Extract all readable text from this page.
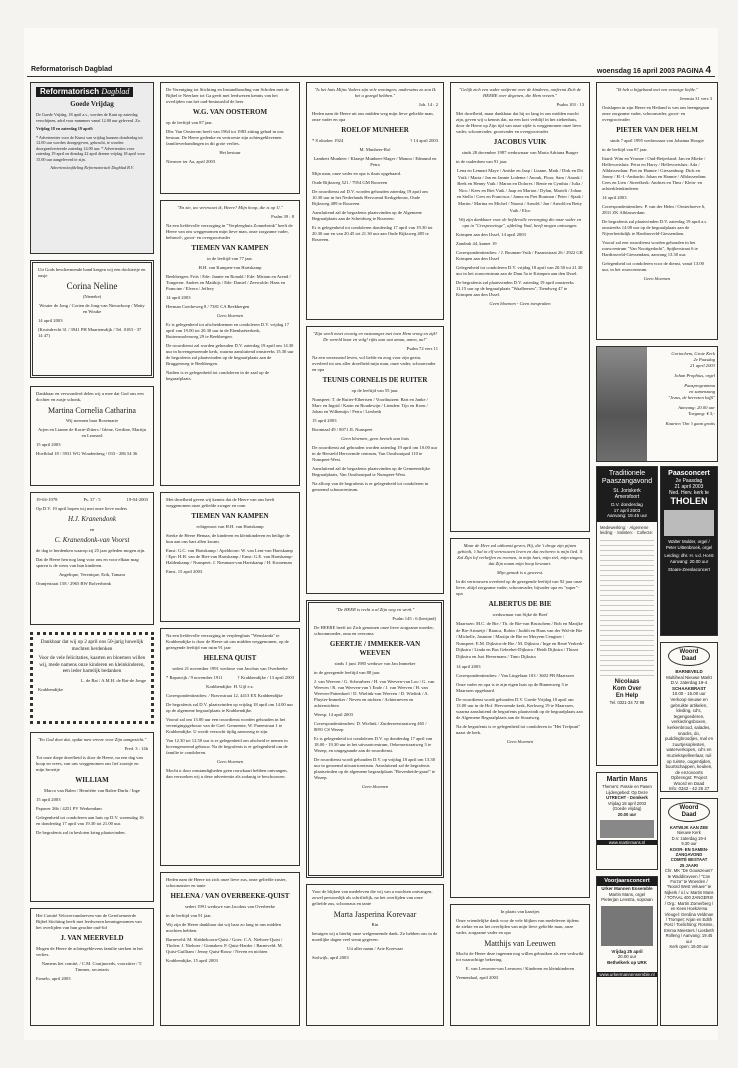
Reformatorisch Dagblad	woensdag 16 april 2003 PAGINA 4
Reformatorisch Dagblad
Goede Vrijdag

De Goede Vrijdag, 18 april a.s., worden de Kunt op zaterdag verschijnen, adrd voor nummers vanaf 12.00 uur geleverd. Zo.

Vrijdag 18 en zaterdag 19 april:

* Advertenties voor de Kunst van vrijdag kunnen donderdag tot 12.00 uur worden doorgegeven, gebracht, te worden doorgeadverteerde zaterdag 14.00 uur. * Advertenties voor zaterdag 19 april en dinsdag 22 april dienen vrijdag 18 april voor 15.00 uur aangeleverd te zijn.

Advertentieafdeling Reformatorisch Dagblad B.V.

Uit Gods beschermende hand kregen wij een dochtertje en zusje

Corina Neline

(Nieneke)

Wouter de Jong / Corien de Jong-van Nieuwkoop / Matty en Wouke

14 april 2003

(Kruisdrecht 31 / 3941 PH Maartensdijk / Tel. 0183 - 37 14 47)

Dankbaar en verwonderd delen wij u mee dat God ons een dochter en zusje schonk,

Martina Cornelia Catharina

Wij noemen haar Rosemarie

Arjen en Lianne de Korte-Zitters / Irlene, Gerdine, Martijn en Leonard

15 april 2003

Hoefblad 18 / 3931 WG Woudenberg / 033 - 286 54 36

19-04-1978	Ps. 37 : 5	19-04-2003

Op D.V. 19 april hopen wij met onze lieve ouders

H.J. Kranendonk

en

C. Kranendonk-van Voorst

de dag te herdenken waarop zij 25 jaar geleden mogen zijn.

Dat de Heere hen nog lang voor ons en voor elkaar mag sparen is de wens van hun kinderen.

Angelique, Verenique, Erik, Tamara

Oranjestraat 158 / 2965 BW Rolverbrink

Dankbaar dat wij op 2 april ons 50-jarig huwelijk mochten herdenken

Voor de vele felicitaties, kaarten en bloemen willen wij, mede namens onze kinderen en kleinkinderen, een ieder hartelijk bedanken

L. de Bat / A.M.H. de Bat-de Jonge

Krabbendijke

"En God doet dat, opdat men vreeze voor Zijn aangezicht."

Pred. 3 : 14b

Tot onze diepe droefheid is door de Heere, na een dag van hoop en vrees, van ons weggenomen ons lief zoontje en mijn broertje

WILLIAM

Marco van Balen / Henriëtte van Balen-Durlu / Inge

15 april 2003

Papaver 26b / 4251 PV Werkendam

Gelegenheid tot condoleren aan huis op D.V. woensdag 16 en donderdag 17 april van 19.30 tot 21.00 uur.

De begrafenis zal in besloten kring plaatsvinden.

Het Comité Velovervandaerven van de Gereformeerde Bijbel Stichting heeft met leedwezen kennisgenomen van het overlijden van hun geachte oud-lid

J. VAN MEERVELD

Mogen de Heere de achtergeblevens familie sterken in het verlies.

Namens het comité, / C.M. Couijnoreds, voorzitter / T. Timmer, secretaris

Ermelo, april 2003

De Vereniging tot Stichting en Instandhouding van Scholen met de Bijbel te Neerlaer tot Ga geeft met leedwezen kennis van het overlijden van het oud-bestuurslid de heer

W.G. VAN OOSTEROM

op de leeftijd van 87 jaar.

Dhr. Van Oosterom heeft van 1964 tot 1983 zitting gehad in ons bestuur. De Heere gedenke en vertroeste zijn achtergeblevenen familieverbandingen in dit grote verlies.

Het bestuur

Nieuwer ter Aa, april 2003

"En zie, uw vertrouwt ik, Heere? Mijn hoop, die is op U."

Psalm 39 : 8

Na een liefdevolle verzorging in "Verpleeghuis Zonnebrink" heeft de Heere van ons weggenomen mijn lieve man, onze zorgzame vader, behuwd-, groot- en overgrootvader

TIEMEN VAN KAMPEN

in de leeftijd van 77 jaar.

H.H. van Kampen-van Hartskamp

Beekbergen: Frits / Ede: Jannie en Ronald / Ede: Miriam en Arend / Tongeren: Andres en Matthijs / Ede: Daniel / Zeewolde: Hans en Francine / Elvera / Jeffrey

14 april 2003

Herman Coerbeweg 8 / 7381 CA Beekbergen

Geen bloemen

Er is gelegenheid tot afscheidnemen en condoleren D.V. vrijdag 17 april van 19.00 tot 20.30 uur in de Ebenhaëzerkerk, Ruitersmolenweg 29 te Beekbergen.

De rouwdienst zal worden gehouden D.V. zaterdag 19 april om 14.30 uur in bovengenoemde kerk, waarna aansluitend omstreeks 15.30 uur de begrafenis zal plaatsvinden op de begraafplaats aan de Bruggenweg te Beekbergen.

Nadien is er gelegenheid tot condoleren in de zaal op de begraafplaats.

Met droefheid geven wij kennis dat de Heere van ons heeft weggenomen onze geliefde zwager en oom

TIEMEN VAN KAMPEN

echtgenoot van H.H. van Hartskamp

Sterke de Heere Hemaa, de kinderen en kleinkinderen en heilige de hun aan ons hart allen kwam.

Emst: G.C. van Hartskamp / Apeldoorn: W. van Lent-van Hartskamp / Epe: H.H. van de Biet-van Hartskamp / Emst: G.E. van Hartskamp-Haldenkamp / Nunspeet: J. Nieuman-van Hartskamp / H. Kroneman

Emst, 15 april 2003

Na een liefdevolle verzorging in verpleeghuis "Wenslanda" te Krabbendijke is door de Heere uit ons midden weggenomen, op de gezegende leeftijd van ruim 91 jaar

HELENA QUIST

sedert 21 november 1991 weduwe van Jacobus van Overbeeke

* Rapawijk / 9 november 1911	† Krabbendijke / 13 april 2003

Krabbendijke: H. Uijl e.z.

Correspondentieadres: / Bravostraat 12, 4413 EX Krabbendijke

De begrafenis zal D.V. plaatsvinden op vrijdag 18 april om 14.00 uur op de algemene begraafplaats te Krabbendijke.

Vooraf zal om 13.00 uur een rouwdienst worden gehouden in het verenigingsgebouw van de Gref. Gemeente, W. Pareestraat 1 te Krabbendijke. U wordt verzocht tijdig aanwezig te zijn.

Van 12.30 tot 12.50 uur is er gelegenheid om afscheid te nemen in bovengenoemd gebouw. Na de begrafenis is er gelegenheid om de familie te condoleren.

Geen bloemen

Mocht u door omstandigheden geen rouwkaart hebben ontvangen, dan verzoeken wij u deze advertentie als zodanig te beschouwen.

Heden nam de Heere tot zich onze lieve zus, onze geliefde zuster, schoonzuster en tante

HELENA / VAN OVERBEEKE-QUIST

sedert 1991 weduwe van Jacobus van Overbeeke

in de leeftijd van 91 jaar.

Wij zijn de Heere dankbaar dat wij haar zo lang in ons midden mochten hebben.

Barneveld: M. Slabbekoorn-Quist / Goes: C.A. Nieboer-Quist / Tholen: J. Nieboer / Ginnaken: P. Quist-Harder / Barneveld: M. Quist-Guilliam / Jenny Quist-Rouw / Neven en nichten

Krabbendijke, 15 april 2003

"Is het huis Mijns Vaders zijn vele woningen; anderszins zo zou Ik het u gezegd hebben."

Joh. 14 : 2

Heden nam de Heere uit ons midden weg mijn lieve geliefde man, onze vader en opa

ROELOF MUNHEER

* 8 oktober 1924	† 14 april 2003

M. Munheer-Rol

Lambert Munheer / Klaasje Munheer-Slager / Manon / Edmund en Petra

Mijn man, onze vader en opa is thuis opgebaard.

Oude Rijksweg 521 / 7954 GM Rouveen

De rouwdienst zal D.V. worden gehouden zaterdag 19 april om 10.30 uur in het Nederlands Hervormd Kerkgebouw, Oude Rijksweg 489 te Rouveen.

Aansluitend zal de begrafenis plaatsvinden op de Algemene Begraafplaats aan de Scheidweg te Rouveen.

Er is gelegenheid tot condoleren donderdag 17 april van 19.30 tot 20.30 uur en van 20.45 tot 21.30 uur aan Oude Rijksweg 485 te Rouveen.

"Zijn weelt moet eeuwig en vastaanges met toen Hem vroeg en zijk! De wereld baar en volg! rijks aan wat aman, amen, nu!"

Psalm 72 vers 11

Na een verrassend leven, vol liefde en zorg voor zijn gezin, overleed tot ons aller droefheid mijn man, onze vader, schoonvader en opa

TEUNIS CORNELIS DE RUITER

op de leeftijd van 55 jaar.

Nunspeet: T. de Ruiter-Elbertsen / Voorthuizen: Bart en Janke / Marc en Ingrid / Karin en Boudewijn / Lienden: Tijo en Koen / Johan en Wilhemijn / Petra / Liesbeth

15 april 2003

Boomtaal 49 / 8071 JL Nunspeet

Geen bloemen, geen bezoek aan huis

De rouwdienst zal gehouden worden zaterdag 19 april om 10.00 uur in de Hersteld Hervormde centrum, Van Oosthoutpad 110 te Nunspeet-West.

Aansluitend zal de begrafenis plaatsvinden op de Gemeentelijke Begraafplaats, Van Oosthoutpad te Nunspeet-West.

Na afloop van de begrafenis is er gelegenheid tot condoleren in genoemd schuurcentrum.

"De HEER is recht u al Zijn weg en werk."

Psalm 145 : 6 (berijmd)

De HEERE heeft tot Zich genomen onze lieve zorgzame moeder, schoonmoeder, oma en overoma

GEERTJE / IMMEKER-VAN WEEVEN

sinds 1 juni 1985 weduwe van Jan Immeker

in de gezegende leeftijd van 88 jaar.

J. van Weeven / G. Scheurbeer / H. van Weeven-van Loo / G. van Weeven / R. van Weeven-van 't Ende / J. van Weeven / H. van Weeven-Pattenhoel / D. Wielink-van Weeven / D. Wielink / A. Pluyter-Immeker / Neven en nichten / Achterneven en achternichten

Weesp, 14 april 2003

Correspondentieadres: D. Wielink / Zuiderzeestraatweg 465 / 8091 CS Wezep

Er is gelegenheid tot condoleren D.V. op donderdag 17 april van 18.00 - 19.30 uur in het uitvaartcentrum, Oekensestraatweg 3 te Wezep, en omgegaande aan de rouwdienst.

De rouwdienst wordt gehouden D.V. op vrijdag 18 april om 13.30 uur in genoemd uitvaartcentrum. Aansluitend zal de begrafenis plaatsvinden op de algemene begraafplaats "Bovenheide-graaf" te Wezep.

Geen bloemen

Voor de blijken van medeleven die wij van u mochten ontvangen, zowel persoonlijk als schriftelijk, na het overlijden van onze geliefde zus, schoonzus en tante

Marta Jasperina Korevaar

Rin

betuigen wij u hierbij onze welgemeende dank. Zo hebben ons in de moeilijke dagen veel steun gegeven.

Uit aller naam / Arie Korevaar

Stolwijk, april 2003

"Gelijk zich een vader ontfermt over de kinderen, ontfermt Zich de HEERE over degenen, die Hem vrezen."

Psalm 103 : 13

Met droefheid, maar dankbaar dat hij zo lang in ons midden mocht zijn, geven wij u kennis dat, na een kort verblijf in het ziekenhuis, door de Heere op Zijn tijd van onze zijde is weggenomen onze lieve vader, schoonvader, grootvader en overgrootvader

JACOBUS VUIK

sinds 28 december 1987 weduwnaar van Maria Adriana Burger

in de ouderdom van 91 jaar.

Lena en Lennart Maye / Aniske en Jaap / Lianne, Mark / Dirk en Dit Vuik / Maria / Jan en Jannie Lodeme / Anouk, Floor, Sam / Anouk / Beek en Henny Vuik / Maron en Dolores / Bente en Cynthia / Julia / Nico / Kees en Riet Vuik / Jaap en Marion / Dylan, Marieli / Johan en Stella / Cees en Francisca / Janna en Piet Bouman / Peter / Sjaak / Martin / Marina en Michel / Naomi / Arnold / Jan / Arnold en Betty Vuik / Elco

Wij zijn dankbaar voor de liefdevolle verzorging die onze vader en opa in "Crespeweinge", afdeling Vaal, heeft mogen ontvangen.

Krimpen aan den IJssel, 14 april 2003

Zandrak 44, kamer 19

Correspondentieadres: / J. Bouman-Vuik / Fazantstraat 26 / 2922 GR Krimpen aan den IJssel

Gelegenheid tot condoleren D.V. vrijdag 18 april van 20.30 tot 21.30 uur in het rouwcentrum aan de Dam 5a te Krimpen aan den IJssel.

De begrafenis zal plaatsvinden D.V. zaterdag 19 april omstreeks 11.15 uur op de begraafplaats "Waalbersen", Tiendweg 47 te Krimpen aan den IJssel.

Geen bloemen - Geen toespraken

Maar de Heer zal uitkomst geven, Hij, die 't droge zijn pijnen gebiedt, 't Sal in elf vertrouwen leven en dat recheren is mijn lied. 'k Zal Zijn lof verheffen en roemen, in mijn hart, mijn ziel, mijn zingen, dat Zijn naam mijn hoop bewaart.

Mijn gemak is u geweest.

In dit vertrouwen overleed op de gezegende leeftijd van 92 jaar onze lieve, altijd zorgzame vader, schoonvader, bijvader opa en "super"-opa

ALBERTUS DE BIE

weduwnaar van Sijke de Boef

Maarssen: M.C. de Bie / Th. de Bie-van Bruischem / Bob en Marijke de Bie-Artmeijt / Bianca, Robin / Judith en Hans van der Wal-de Bie / Michelle, Jasmine / Martijn de Bie en Meryem Cengiser / Nunspeet: E.M. Dijkstra-de Bie / M. Dijkstra / Inge en René Verkerk-Dijkstra / Linda en Bas Gebrehet-Dijkstra / Heidi Dijkstra / Thirza Dijkstra en Juri Hevermans / Timo Dijkstra

14 april 2003

Correspondentieadres: / Van Lingelaan 103 / 3602 PB Maarssen

Onze vader en opa is te zijn eigen huis op de Binnenweg 3 te Maarssen opgebaard.

De rouwdienst wordt gehouden D.V. Goede Vrijdag 18 april om 13.00 uur in de Hof. Hervormde kerk, Kerkweg 19 te Maarssen, waarna aansluitend de begrafenis plaatsvindt op de begraafplaats aan de Algemene Begraafplaats aan de Straatweg.

Na de begrafenis is er gelegenheid tot condoleren in "Het Trefpunt" naast de kerk.

Geen bloemen

In plaats van kaartjes

Onze vriendelijke dank voor de vele blijken van medeleven tijdens de ziekte en na het overlijden van mijn lieve geliefde man, onze vader, zorgzame vader en opa

Matthijs van Leeuwen

Mocht de Heere deze ingemen nog willen gebruiken als een verkwikt tot waarachtige bekering.

E. van Leeuwen-van Leeuwen / Kinderen en kleinkinderen

Veenendaal, april 2003

"Ik heb u bijgebaad met een eeuwige liefde."

Jeremia 31 vers 3

Ontslapen in zijn Heere en Heiland is van ons heengegaan onze zorgzame vader, schoonvader, groot- en overgrootvader

PIETER VAN DER HELM

sinds 7 april 1995 weduwnaar van Johanna Hoogte

in de leeftijd van 87 jaar.

Ittard: Wim en Yvonne / Oud-Beijerland: Jan en Mieke / Hellevoetsluis: Petra en Harry / Hellevoetsluis: Ada / Alblasserdam: Piet en Hannie / Giessenburg: Dick en Jonny / H.-I.-Ambacht: Johan en Hannie / Alblasserdam: Cees en Lien / Streefkerk: Andries en Thea / Klein- en achterkleinkinderen

14 april 2003

Correspondentieadres: P. van der Helm / Oosterhoeve 6, 2831 ZK Alblasserdam

De begrafenis zal plaatsvinden D.V. zaterdag 19 april a.s. omstreeks 14.00 uur op de begraafplaats aan de Nijverheidsdijk te Hardinxveld-Giessendam.

Vooraf zal een rouwdienst worden gehouden in het rouwcentrum "Van Nooitgedacht", Spijkerstraat 6 te Hardinxveld-Giessendam, aanvang 13.30 uur.

Gelegenheid tot condoleren voor de dienst, vanaf 13.00 uur, in het rouwcentrum.

Geen bloemen

Gorinchem, Grote Kerk
2e Paasdag
21 april 2003
Johan Prophius, orgel
Paasprogramma
en samenzang
"Jezus, de herrezen koffi"
Aanvang: 20.00 uur
Toegang: € 5,-
Kaarten 'Om 't gaan gratis
Traditionele
Paaszangavond
St. Joriskerk
Amersfoort
D.V. donderdag
17 april 2003
Aanvang: 19.45 uur
Medewerking: · Algemene leiding: · Solisten: · Collecte:
Nicolaas
Kom Over
En Help
Tel. 0321-34 72 98
Paasconcert
2e Paasdag
21 april 2003
Ned. Herv. kerk te
THOLEN
Walter Mulder, orgel / Peter Uittenbroek, orgel
Leiding: dhr. H. v.d. Horst
Aanvang: 20.00 uur
Stoare-Zeeslaconcert
Woord
Daad
BARNEVELD
Multiheal Nieuwe Markt
D.V. zaterdag 19-4
SCHAAKBRAST
10.00 - 15.00 uur
Verkoop nieuwe en gebruikte artikelen, kleding, cd's, tegengoederen, verkiezingsboxen, kerkenbrood, salades, snacks, do, puddingbroodjes, mal en zuurtjesoplesten, waterverkopen, cd's en muziekspelleerlaar, ruil op ruimte, oogentijden, buurtschappen, keuken, de enzovoorts
Opbrengst: Project Woord en Daad
Info: 0342 - 42 26 27
Martin Mans
Theme's: Passie en Pasen
Lijdengebed: Op Deze
UTRECHT - Domkerk
Vrijdag 18 april 2003
(Goede vrijdag)
20.00 uur
www.martinmans.nl
Voorjaarsconcert
Urker Mannen Ensemble
Martin Mans, orgel
Pieterjan Lenstra, sopraan
Vrijdag 25 april
20.00 uur
Bethelkerk op URK
www.urkermannensemble.nl
Woord
Daad
KATWIJK AAN ZEE
Nieuwe Kerk
D.V. zaterdag 19-4
9.30 uur
KOOR- EN SAMEN-ZANGAVOND
COMITÉ BESTAAT
25 JAAR!
Chr. MK "De Gouwzeuen" te Waddinxveen / "Con Forza" te Woerden / "Noord West Veluwe" te Nijkerk / o.l.v. Martin Mans / TOTAAL 400 ZANGERS! / Org.: Martin Zomerberg / en Kees Hoekzema
Vleugel: Gerdina Veldman / Trompet: Arjan en Edith Post / Toelichting: Rosmie, Emma Meesters / Liesbeth Rolleng / Aanvang: 19.45 uur
Kerk open: 19.00 uur
